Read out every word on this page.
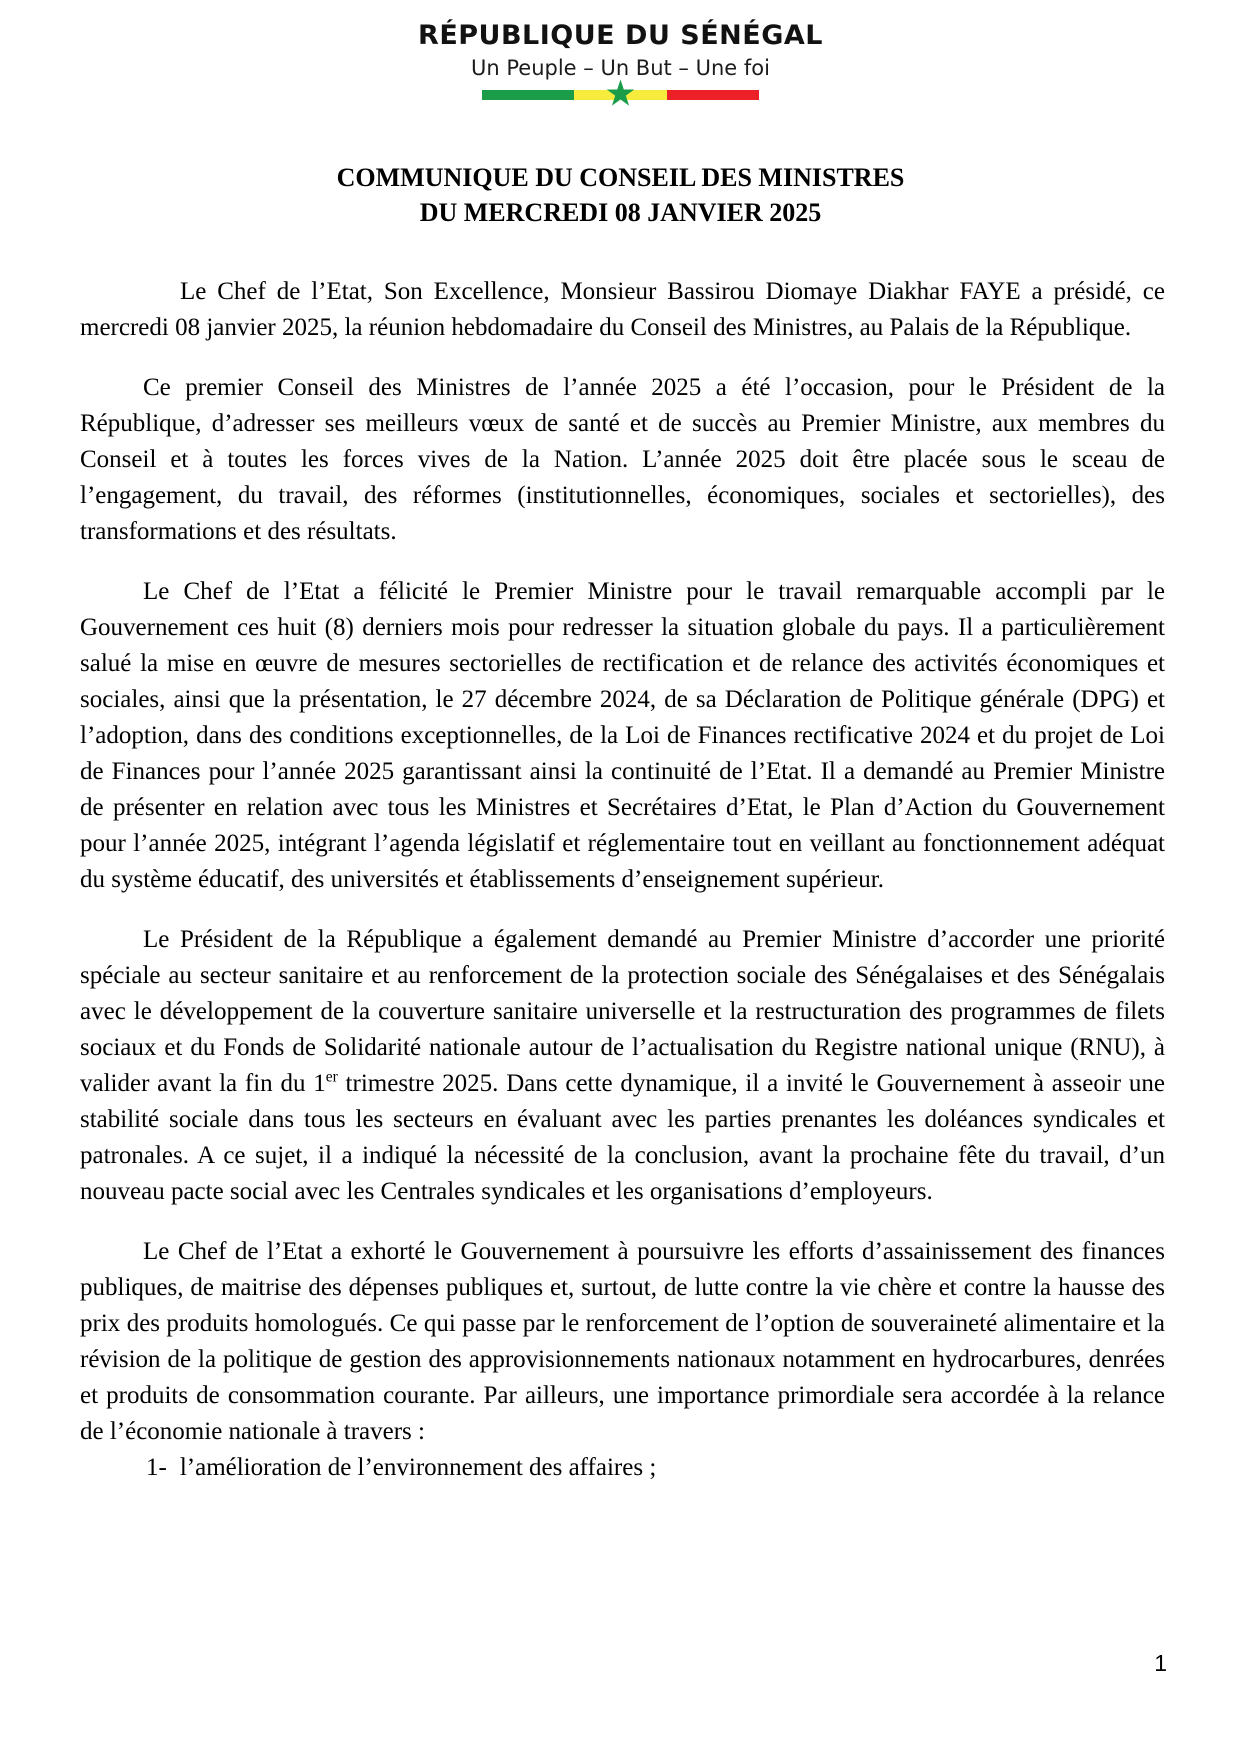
RÉPUBLIQUE DU SÉNÉGAL
Un Peuple – Un But – Une foi
★
COMMUNIQUE DU CONSEIL DES MINISTRES
DU MERCREDI 08 JANVIER 2025

Le Chef de l’Etat, Son Excellence, Monsieur Bassirou Diomaye Diakhar FAYE a présidé, ce mercredi 08 janvier 2025, la réunion hebdomadaire du Conseil des Ministres, au Palais de la République.

Ce premier Conseil des Ministres de l’année 2025 a été l’occasion, pour le Président de la République, d’adresser ses meilleurs vœux de santé et de succès au Premier Ministre, aux membres du Conseil et à toutes les forces vives de la Nation. L’année 2025 doit être placée sous le sceau de l’engagement, du travail, des réformes (institutionnelles, économiques, sociales et sectorielles), des transformations et des résultats.

Le Chef de l’Etat a félicité le Premier Ministre pour le travail remarquable accompli par le Gouvernement ces huit (8) derniers mois pour redresser la situation globale du pays. Il a particulièrement salué la mise en œuvre de mesures sectorielles de rectification et de relance des activités économiques et sociales, ainsi que la présentation, le 27 décembre 2024, de sa Déclaration de Politique générale (DPG) et l’adoption, dans des conditions exceptionnelles, de la Loi de Finances rectificative 2024 et du projet de Loi de Finances pour l’année 2025 garantissant ainsi la continuité de l’Etat. Il a demandé au Premier Ministre de présenter en relation avec tous les Ministres et Secrétaires d’Etat, le Plan d’Action du Gouvernement pour l’année 2025, intégrant l’agenda législatif et réglementaire tout en veillant au fonctionnement adéquat du système éducatif, des universités et établissements d’enseignement supérieur.

Le Président de la République a également demandé au Premier Ministre d’accorder une priorité spéciale au secteur sanitaire et au renforcement de la protection sociale des Sénégalaises et des Sénégalais avec le développement de la couverture sanitaire universelle et la restructuration des programmes de filets sociaux et du Fonds de Solidarité nationale autour de l’actualisation du Registre national unique (RNU), à valider avant la fin du 1er trimestre 2025. Dans cette dynamique, il a invité le Gouvernement à asseoir une stabilité sociale dans tous les secteurs en évaluant avec les parties prenantes les doléances syndicales et patronales. A ce sujet, il a indiqué la nécessité de la conclusion, avant la prochaine fête du travail, d’un nouveau pacte social avec les Centrales syndicales et les organisations d’employeurs.

Le Chef de l’Etat a exhorté le Gouvernement à poursuivre les efforts d’assainissement des finances publiques, de maitrise des dépenses publiques et, surtout, de lutte contre la vie chère et contre la hausse des prix des produits homologués. Ce qui passe par le renforcement de l’option de souveraineté alimentaire et la révision de la politique de gestion des approvisionnements nationaux notamment en hydrocarbures, denrées et produits de consommation courante. Par ailleurs, une importance primordiale sera accordée à la relance de l’économie nationale à travers :

1- l’amélioration de l’environnement des affaires ;
1
